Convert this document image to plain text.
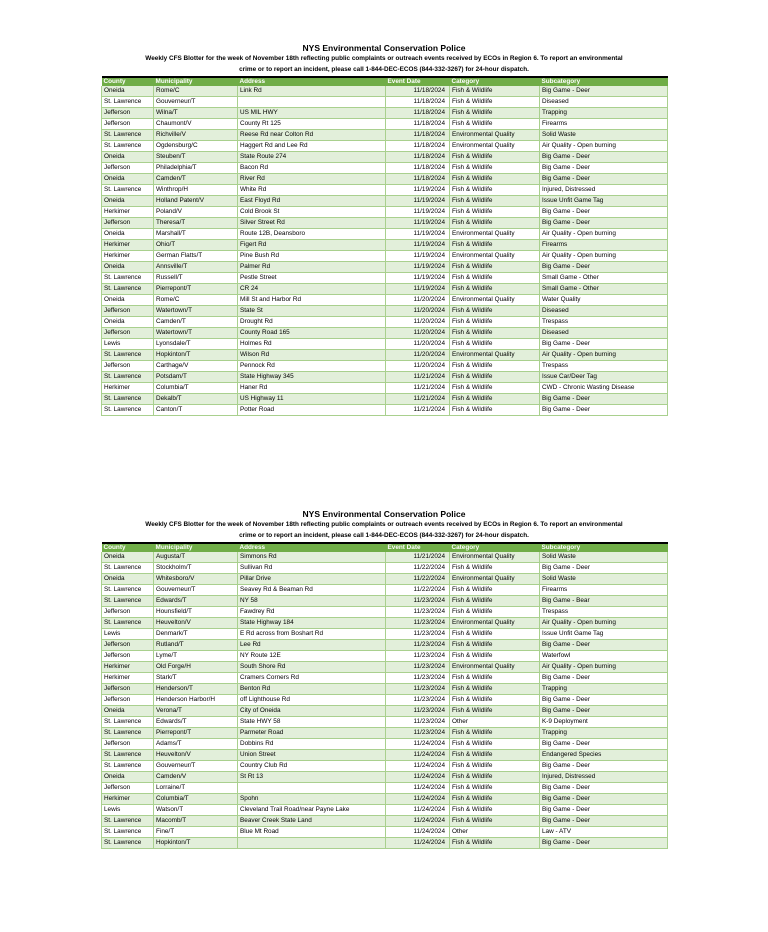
NYS Environmental Conservation Police

Weekly CFS Blotter for the week of November 18th reflecting public complaints or outreach events received by ECOs in Region 6. To report an environmental
crime or to report an incident, please call 1-844-DEC-ECOS (844-332-3267) for 24-hour dispatch.

County	Municipality	Address	Event Date	Category	Subcategory
Oneida	Rome/C	Link Rd	11/18/2024	Fish & Wildlife	Big Game - Deer
St. Lawrence	Gouverneur/T		11/18/2024	Fish & Wildlife	Diseased
Jefferson	Wilna/T	US MIL HWY	11/18/2024	Fish & Wildlife	Trapping
Jefferson	Chaumont/V	County Rt 125	11/18/2024	Fish & Wildlife	Firearms
St. Lawrence	Richville/V	Reese Rd near Colton Rd	11/18/2024	Environmental Quality	Solid Waste
St. Lawrence	Ogdensburg/C	Haggert Rd and Lee Rd	11/18/2024	Environmental Quality	Air Quality - Open burning
Oneida	Steuben/T	State Route 274	11/18/2024	Fish & Wildlife	Big Game - Deer
Jefferson	Philadelphia/T	Bacon Rd	11/18/2024	Fish & Wildlife	Big Game - Deer
Oneida	Camden/T	River Rd	11/18/2024	Fish & Wildlife	Big Game - Deer
St. Lawrence	Winthrop/H	White Rd	11/19/2024	Fish & Wildlife	Injured, Distressed
Oneida	Holland Patent/V	East Floyd Rd	11/19/2024	Fish & Wildlife	Issue Unfit Game Tag
Herkimer	Poland/V	Cold Brook St	11/19/2024	Fish & Wildlife	Big Game - Deer
Jefferson	Theresa/T	Silver Street Rd	11/19/2024	Fish & Wildlife	Big Game - Deer
Oneida	Marshall/T	Route 12B, Deansboro	11/19/2024	Environmental Quality	Air Quality - Open burning
Herkimer	Ohio/T	Figert Rd	11/19/2024	Fish & Wildlife	Firearms
Herkimer	German Flatts/T	Pine Bush Rd	11/19/2024	Environmental Quality	Air Quality - Open burning
Oneida	Annsville/T	Palmer Rd	11/19/2024	Fish & Wildlife	Big Game - Deer
St. Lawrence	Russell/T	Pestle Street	11/19/2024	Fish & Wildlife	Small Game - Other
St. Lawrence	Pierrepont/T	CR 24	11/19/2024	Fish & Wildlife	Small Game - Other
Oneida	Rome/C	Mill St and Harbor Rd	11/20/2024	Environmental Quality	Water Quality
Jefferson	Watertown/T	State St	11/20/2024	Fish & Wildlife	Diseased
Oneida	Camden/T	Drought Rd	11/20/2024	Fish & Wildlife	Trespass
Jefferson	Watertown/T	County Road 165	11/20/2024	Fish & Wildlife	Diseased
Lewis	Lyonsdale/T	Holmes Rd	11/20/2024	Fish & Wildlife	Big Game - Deer
St. Lawrence	Hopkinton/T	Wilson Rd	11/20/2024	Environmental Quality	Air Quality - Open burning
Jefferson	Carthage/V	Pennock Rd	11/20/2024	Fish & Wildlife	Trespass
St. Lawrence	Potsdam/T	State Highway 345	11/21/2024	Fish & Wildlife	Issue Car/Deer Tag
Herkimer	Columbia/T	Haner Rd	11/21/2024	Fish & Wildlife	CWD - Chronic Wasting Disease
St. Lawrence	Dekalb/T	US Highway 11	11/21/2024	Fish & Wildlife	Big Game - Deer
St. Lawrence	Canton/T	Potter Road	11/21/2024	Fish & Wildlife	Big Game - Deer

NYS Environmental Conservation Police

Weekly CFS Blotter for the week of November 18th reflecting public complaints or outreach events received by ECOs in Region 6. To report an environmental
crime or to report an incident, please call 1-844-DEC-ECOS (844-332-3267) for 24-hour dispatch.

County	Municipality	Address	Event Date	Category	Subcategory
Oneida	Augusta/T	Simmons Rd	11/21/2024	Environmental Quality	Solid Waste
St. Lawrence	Stockholm/T	Sullivan Rd	11/22/2024	Fish & Wildlife	Big Game - Deer
Oneida	Whitesboro/V	Pillar Drive	11/22/2024	Environmental Quality	Solid Waste
St. Lawrence	Gouverneur/T	Seavey Rd & Beaman Rd	11/22/2024	Fish & Wildlife	Firearms
St. Lawrence	Edwards/T	NY 58	11/23/2024	Fish & Wildlife	Big Game - Bear
Jefferson	Hounsfield/T	Fawdrey Rd	11/23/2024	Fish & Wildlife	Trespass
St. Lawrence	Heuvelton/V	State Highway 184	11/23/2024	Environmental Quality	Air Quality - Open burning
Lewis	Denmark/T	E Rd across from Boshart Rd	11/23/2024	Fish & Wildlife	Issue Unfit Game Tag
Jefferson	Rutland/T	Lee Rd	11/23/2024	Fish & Wildlife	Big Game - Deer
Jefferson	Lyme/T	NY Route 12E	11/23/2024	Fish & Wildlife	Waterfowl
Herkimer	Old Forge/H	South Shore Rd	11/23/2024	Environmental Quality	Air Quality - Open burning
Herkimer	Stark/T	Cramers Corners Rd	11/23/2024	Fish & Wildlife	Big Game - Deer
Jefferson	Henderson/T	Benton Rd	11/23/2024	Fish & Wildlife	Trapping
Jefferson	Henderson Harbor/H	off Lighthouse Rd	11/23/2024	Fish & Wildlife	Big Game - Deer
Oneida	Verona/T	City of Oneida	11/23/2024	Fish & Wildlife	Big Game - Deer
St. Lawrence	Edwards/T	State HWY 58	11/23/2024	Other	K-9 Deployment
St. Lawrence	Pierrepont/T	Parmeter Road	11/23/2024	Fish & Wildlife	Trapping
Jefferson	Adams/T	Dobbins Rd	11/24/2024	Fish & Wildlife	Big Game - Deer
St. Lawrence	Heuvelton/V	Union Street	11/24/2024	Fish & Wildlife	Endangered Species
St. Lawrence	Gouverneur/T	Country Club Rd	11/24/2024	Fish & Wildlife	Big Game - Deer
Oneida	Camden/V	St Rt 13	11/24/2024	Fish & Wildlife	Injured, Distressed
Jefferson	Lorraine/T		11/24/2024	Fish & Wildlife	Big Game - Deer
Herkimer	Columbia/T	Spohn	11/24/2024	Fish & Wildlife	Big Game - Deer
Lewis	Watson/T	Cleveland Trail Road/near Payne Lake	11/24/2024	Fish & Wildlife	Big Game - Deer
St. Lawrence	Macomb/T	Beaver Creek State Land	11/24/2024	Fish & Wildlife	Big Game - Deer
St. Lawrence	Fine/T	Blue Mt Road	11/24/2024	Other	Law - ATV
St. Lawrence	Hopkinton/T		11/24/2024	Fish & Wildlife	Big Game - Deer
